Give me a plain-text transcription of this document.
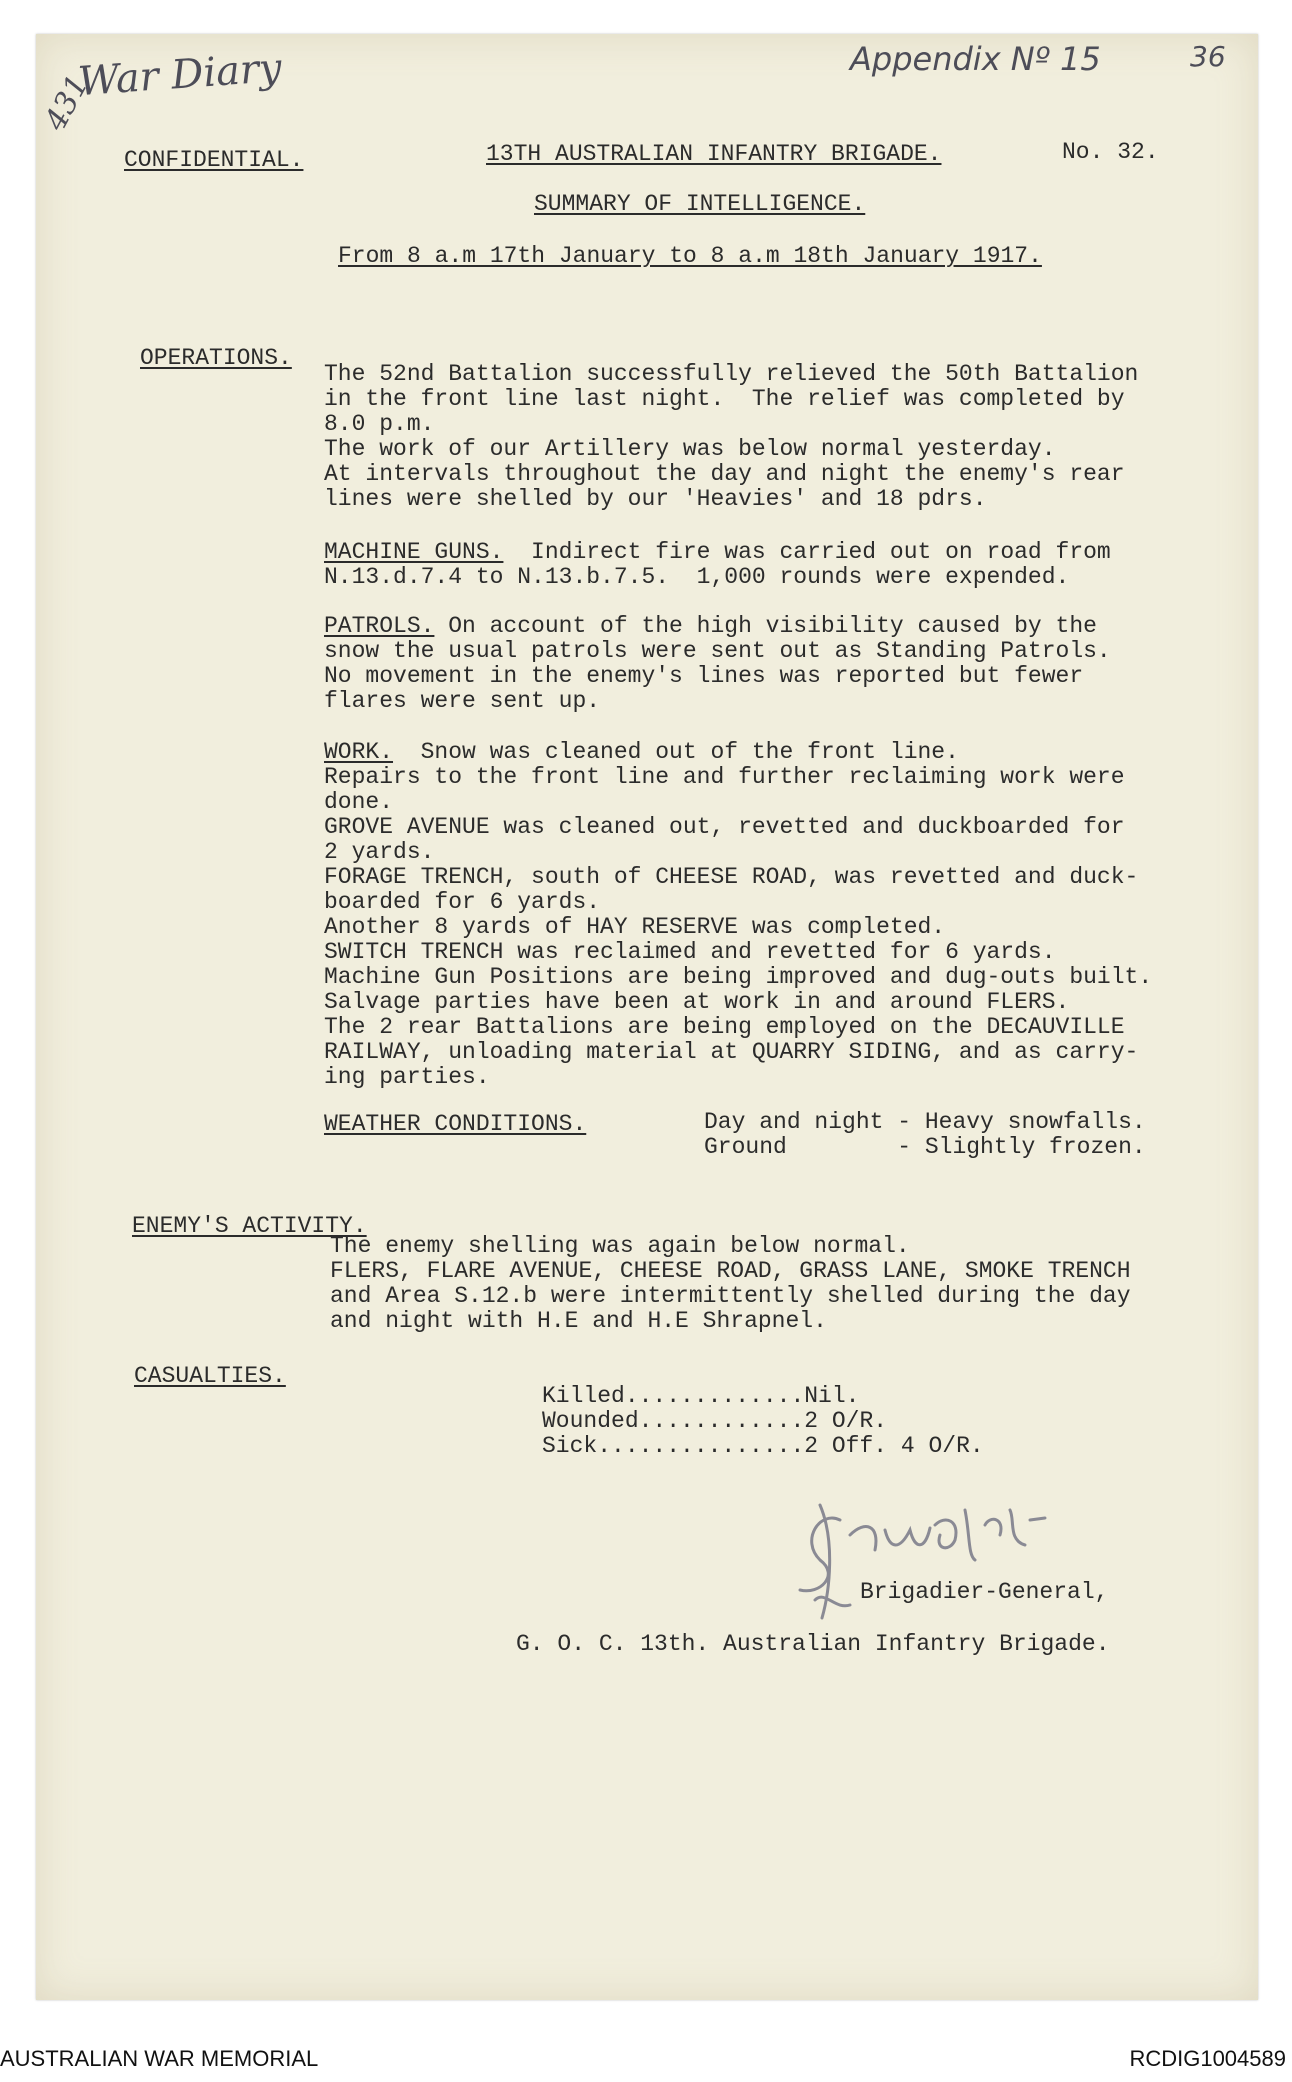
431
War Diary	Appendix Nº 15	36
CONFIDENTIAL.	13TH AUSTRALIAN INFANTRY BRIGADE.	No. 32.
SUMMARY OF INTELLIGENCE.
From 8 a.m 17th January to 8 a.m 18th January 1917.
OPERATIONS.
The 52nd Battalion successfully relieved the 50th Battalion
in the front line last night.  The relief was completed by
8.0 p.m.
The work of our Artillery was below normal yesterday.
At intervals throughout the day and night the enemy's rear
lines were shelled by our 'Heavies' and 18 pdrs.
MACHINE GUNS.  Indirect fire was carried out on road from
N.13.d.7.4 to N.13.b.7.5.  1,000 rounds were expended.
PATROLS. On account of the high visibility caused by the
snow the usual patrols were sent out as Standing Patrols.
No movement in the enemy's lines was reported but fewer
flares were sent up.
WORK.  Snow was cleaned out of the front line.
Repairs to the front line and further reclaiming work were
done.
GROVE AVENUE was cleaned out, revetted and duckboarded for
2 yards.
FORAGE TRENCH, south of CHEESE ROAD, was revetted and duck-
boarded for 6 yards.
Another 8 yards of HAY RESERVE was completed.
SWITCH TRENCH was reclaimed and revetted for 6 yards.
Machine Gun Positions are being improved and dug-outs built.
Salvage parties have been at work in and around FLERS.
The 2 rear Battalions are being employed on the DECAUVILLE
RAILWAY, unloading material at QUARRY SIDING, and as carry-
ing parties.
WEATHER CONDITIONS.	Day and night - Heavy snowfalls.
Ground        - Slightly frozen.
ENEMY'S ACTIVITY.
The enemy shelling was again below normal.
FLERS, FLARE AVENUE, CHEESE ROAD, GRASS LANE, SMOKE TRENCH
and Area S.12.b were intermittently shelled during the day
and night with H.E and H.E Shrapnel.
CASUALTIES.
Killed.............Nil.
Wounded............2 O/R.
Sick...............2 Off. 4 O/R.
Brigadier-General,
G. O. C. 13th. Australian Infantry Brigade.
AUSTRALIAN WAR MEMORIAL	RCDIG1004589
